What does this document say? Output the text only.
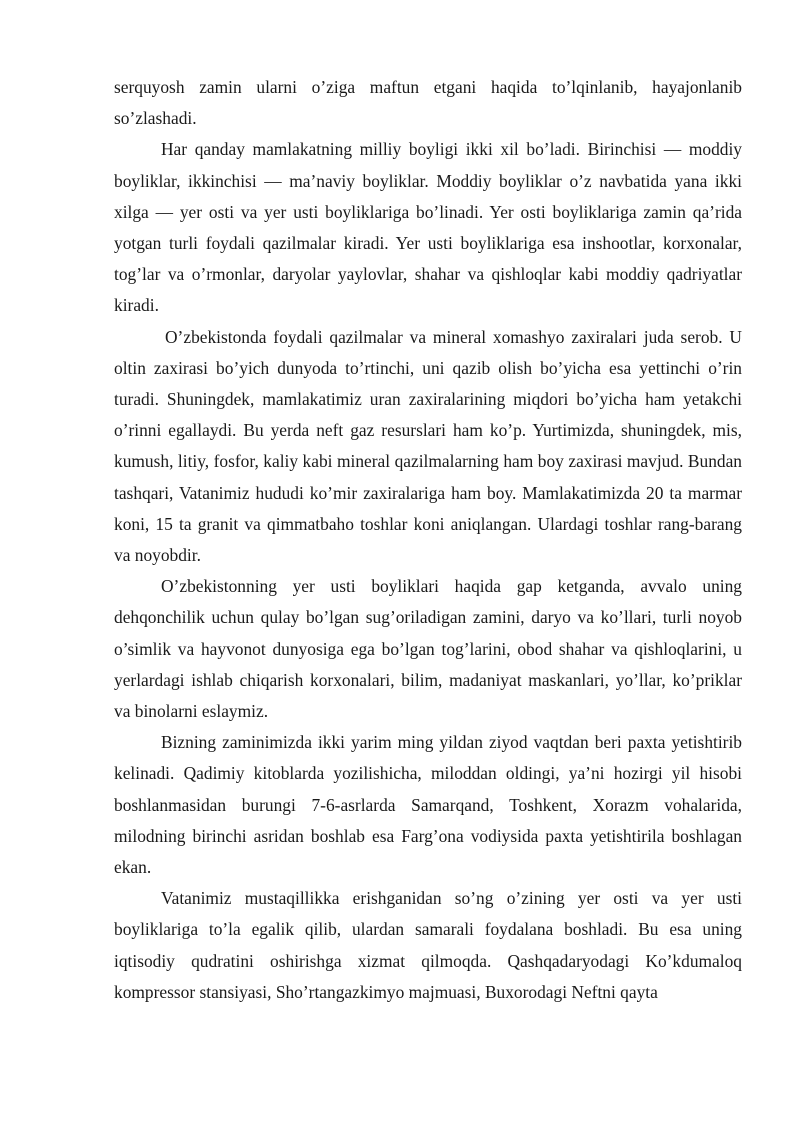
serquyosh zamin ularni o’ziga maftun etgani haqida to’lqinlanib, hayajonlanib so’zlashadi.

Har qanday mamlakatning milliy boyligi ikki xil bo’ladi. Birinchisi — moddiy boyliklar, ikkinchisi — ma’naviy boyliklar. Moddiy boyliklar o’z navbatida yana ikki xilga — yer osti va yer usti boyliklariga bo’linadi. Yer osti boyliklariga zamin qa’rida yotgan turli foydali qazilmalar kiradi. Yer usti boyliklariga esa inshootlar, korxonalar, tog’lar va o’rmonlar, daryolar yaylovlar, shahar va qishloqlar kabi moddiy qadriyatlar kiradi.

O’zbekistonda foydali qazilmalar va mineral xomashyo zaxiralari juda serob. U oltin zaxirasi bo’yich dunyoda to’rtinchi, uni qazib olish bo’yicha esa yettinchi o’rin turadi. Shuningdek, mamlakatimiz uran zaxiralarining miqdori bo’yicha ham yetakchi o’rinni egallaydi. Bu yerda neft gaz resurslari ham ko’p. Yurtimizda, shuningdek, mis, kumush, litiy, fosfor, kaliy kabi mineral qazilmalarning ham boy zaxirasi mavjud. Bundan tashqari, Vatanimiz hududi ko’mir zaxiralariga ham boy. Mamlakatimizda 20 ta marmar koni, 15 ta granit va qimmatbaho toshlar koni aniqlangan. Ulardagi toshlar rang-barang va noyobdir.

O’zbekistonning yer usti boyliklari haqida gap ketganda, avvalo uning dehqonchilik uchun qulay bo’lgan sug’oriladigan zamini, daryo va ko’llari, turli noyob o’simlik va hayvonot dunyosiga ega bo’lgan tog’larini, obod shahar va qishloqlarini, u yerlardagi ishlab chiqarish korxonalari, bilim, madaniyat maskanlari, yo’llar, ko’priklar va binolarni eslaymiz.

Bizning zaminimizda ikki yarim ming yildan ziyod vaqtdan beri paxta yetishtirib kelinadi. Qadimiy kitoblarda yozilishicha, miloddan oldingi, ya’ni hozirgi yil hisobi boshlanmasidan burungi 7-6-asrlarda Samarqand, Toshkent, Xorazm vohalarida, milodning birinchi asridan boshlab esa Farg’ona vodiysida paxta yetishtirila boshlagan ekan.

Vatanimiz mustaqillikka erishganidan so’ng o’zining yer osti va yer usti boyliklariga to’la egalik qilib, ulardan samarali foydalana boshladi. Bu esa uning iqtisodiy qudratini oshirishga xizmat qilmoqda. Qashqadaryodagi Ko’kdumaloq kompressor stansiyasi, Sho’rtangazkimyo majmuasi, Buxorodagi Neftni qayta
